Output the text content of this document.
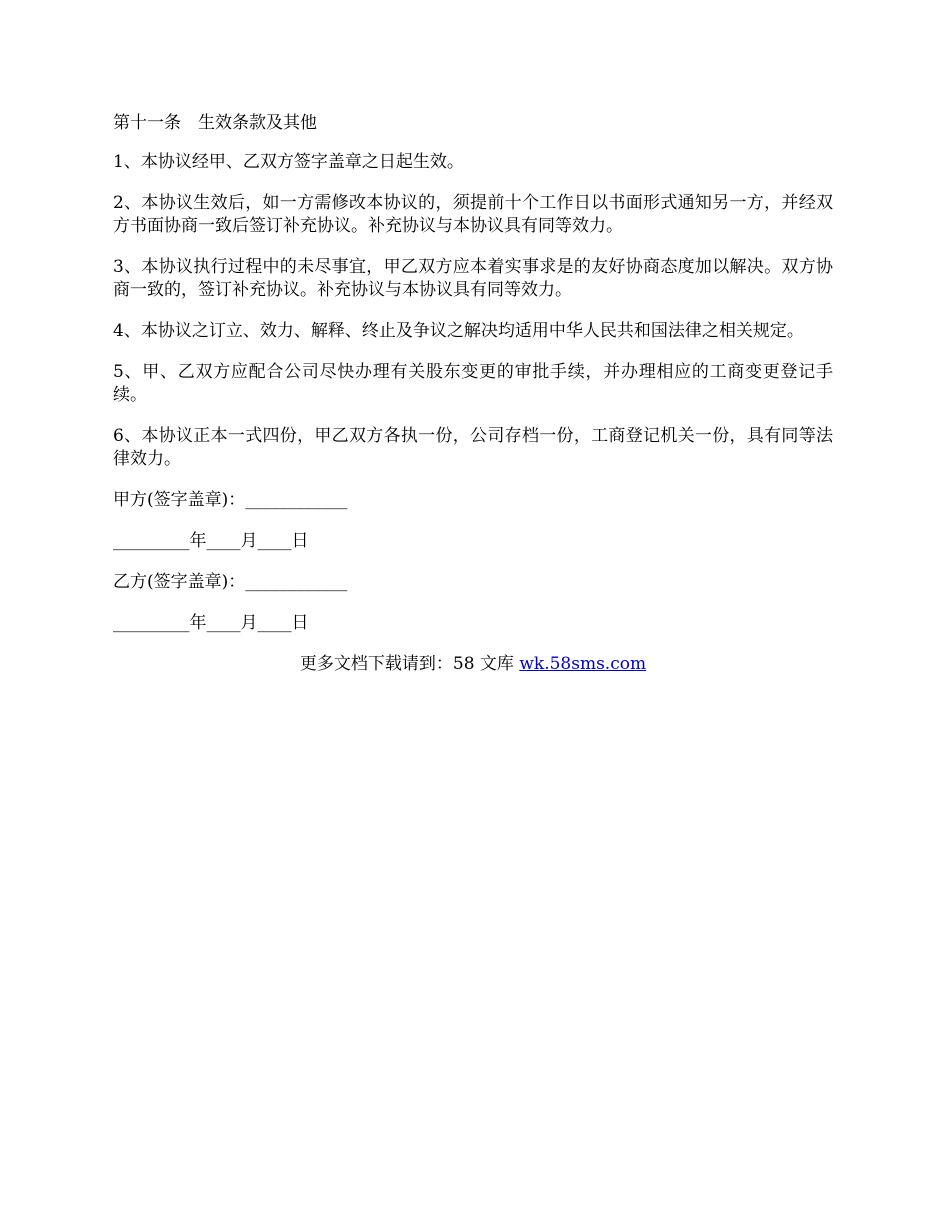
第十一条　生效条款及其他

1、本协议经甲、乙双方签字盖章之日起生效。

2、本协议生效后，如一方需修改本协议的，须提前十个工作日以书面形式通知另一方，并经双方书面协商一致后签订补充协议。补充协议与本协议具有同等效力。

3、本协议执行过程中的未尽事宜，甲乙双方应本着实事求是的友好协商态度加以解决。双方协商一致的，签订补充协议。补充协议与本协议具有同等效力。

4、本协议之订立、效力、解释、终止及争议之解决均适用中华人民共和国法律之相关规定。

5、甲、乙双方应配合公司尽快办理有关股东变更的审批手续，并办理相应的工商变更登记手续。

6、本协议正本一式四份，甲乙双方各执一份，公司存档一份，工商登记机关一份，具有同等法律效力。

甲方(签字盖章)：____________
_________年____月____日
乙方(签字盖章)：____________
_________年____月____日
更多文档下载请到：58 文库 wk.58sms.com
